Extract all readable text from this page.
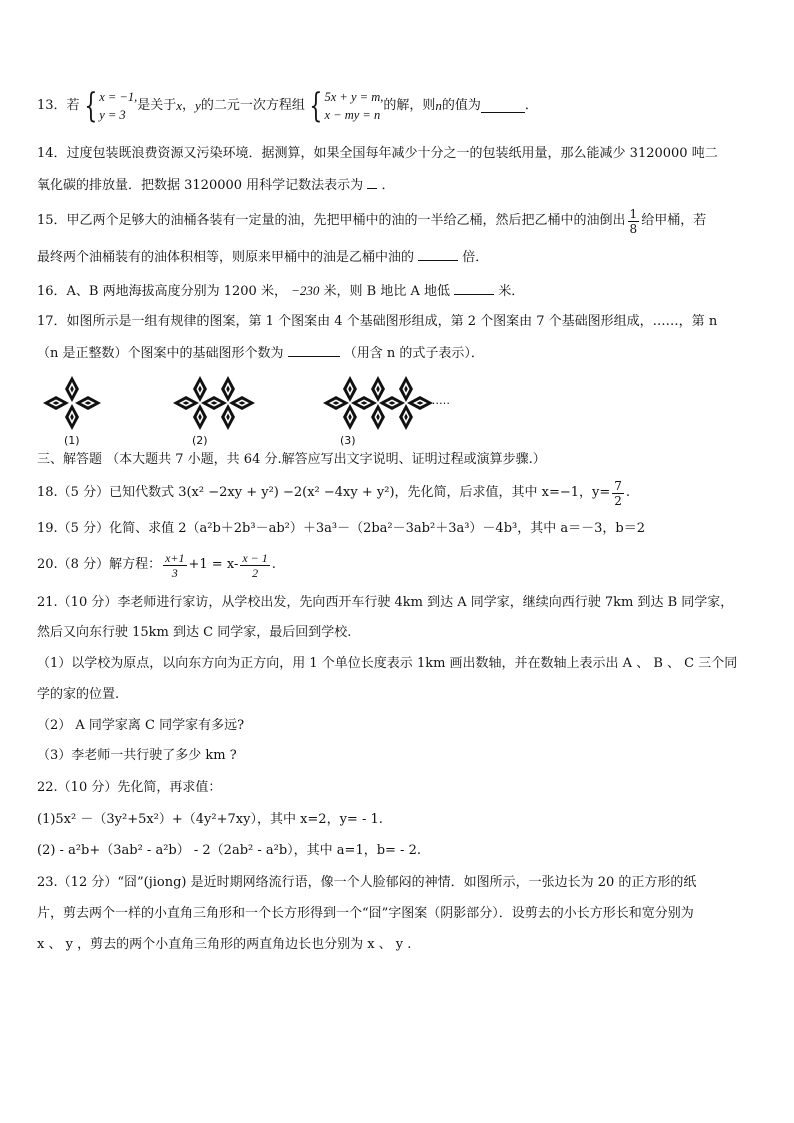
13．若 { x = −1,
y = 3
是关于 x ， y 的二元一次方程组 { 5x + y = m,
x − my = n
的解，则 n 的值为	．
14．过度包装既浪费资源又污染环境．据测算，如果全国每年减少十分之一的包装纸用量，那么能减少 3120000 吨二
氧化碳的排放量．把数据 3120000 用科学记数法表示为 ．
15．甲乙两个足够大的油桶各装有一定量的油，先把甲桶中的油的一半给乙桶，然后把乙桶中的油倒出 $\frac{1}{8}$ 给甲桶，若
最终两个油桶装有的油体积相等，则原来甲桶中的油是乙桶中油的	倍．
16．A、B 两地海拔高度分别为 1200 米， −230 米，则 B 地比 A 地低	米．
17．如图所示是一组有规律的图案，第 1 个图案由 4 个基础图形组成，第 2 个图案由 7 个基础图形组成，……，第 n
（n 是正整数）个图案中的基础图形个数为	（用含 n 的式子表示）．
(1)	(2)	(3)
……
三、解答题 （本大题共 7 小题，共 64 分.解答应写出文字说明、证明过程或演算步骤.）
18.（5 分）已知代数式 3(x² −2xy + y²) −2(x² −4xy + y²)，先化简，后求值，其中 x=−1，$y= \frac{7}{2}$ .
19.（5 分）化简、求值 2（a²b＋2b³－ab²）＋3a³－（2ba²－3ab²＋3a³）－4b³，其中 a＝－3，b＝2
20.（8 分）解方程： $\frac{x+1}{3} +1 = x- \frac{x - 1}{2}$ .
21.（10 分）李老师进行家访，从学校出发，先向西开车行驶 4km 到达 A 同学家，继续向西行驶 7km 到达 B 同学家，
然后又向东行驶 15km 到达 C 同学家，最后回到学校.
（1）以学校为原点，以向东方向为正方向，用 1 个单位长度表示 1km 画出数轴，并在数轴上表示出 A 、 B 、 C 三个同
学的家的位置.
（2） A 同学家离 C 同学家有多远?
（3）李老师一共行驶了多少 km ?
22.（10 分）先化简，再求值：
(1)5x² －（3y²+5x²）+（4y²+7xy），其中 x=2，y= - 1.
(2) - a²b+（3ab² - a²b） - 2（2ab² - a²b），其中 a=1，b= - 2.
23.（12 分）“囧”(jiong) 是近时期网络流行语，像一个人脸郁闷的神情．如图所示，一张边长为 20 的正方形的纸
片，剪去两个一样的小直角三角形和一个长方形得到一个“囧”字图案（阴影部分）．设剪去的小长方形长和宽分别为
x 、 y ，剪去的两个小直角三角形的两直角边长也分别为 x 、 y .
